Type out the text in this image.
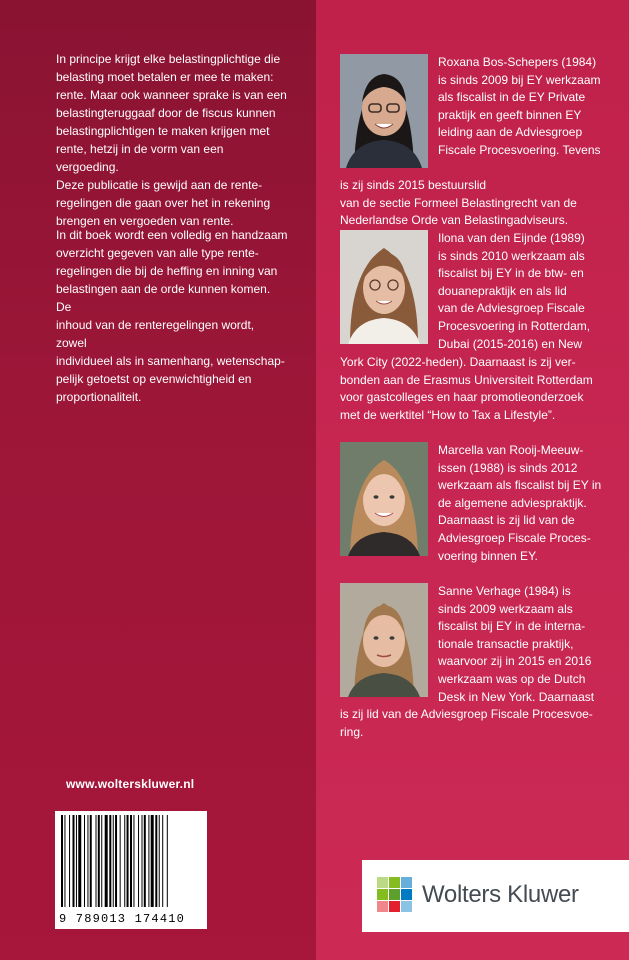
In principe krijgt elke belastingplichtige die
belasting moet betalen er mee te maken:
rente. Maar ook wanneer sprake is van een
belastingteruggaaf door de fiscus kunnen
belastingplichtigen te maken krijgen met
rente, hetzij in de vorm van een vergoeding.
Deze publicatie is gewijd aan de rente-
regelingen die gaan over het in rekening
brengen en vergoeden van rente.

In dit boek wordt een volledig en handzaam
overzicht gegeven van alle type rente-
regelingen die bij de heffing en inning van
belastingen aan de orde kunnen komen. De
inhoud van de renteregelingen wordt, zowel
individueel als in samenhang, wetenschap-
pelijk getoetst op evenwichtigheid en
proportionaliteit.

Roxana Bos-Schepers (1984)
is sinds 2009 bij EY werkzaam
als fiscalist in de EY Private
praktijk en geeft binnen EY
leiding aan de Adviesgroep
Fiscale Procesvoering. Tevens

is zij sinds 2015 bestuurslid
van de sectie Formeel Belastingrecht van de
Nederlandse Orde van Belastingadviseurs.

Ilona van den Eijnde (1989)
is sinds 2010 werkzaam als
fiscalist bij EY in de btw- en
douanepraktijk en als lid
van de Adviesgroep Fiscale
Procesvoering in Rotterdam,
Dubai (2015-2016) en New

York City (2022-heden). Daarnaast is zij ver-
bonden aan de Erasmus Universiteit Rotterdam
voor gastcolleges en haar promotieonderzoek
met de werktitel “How to Tax a Lifestyle”.

Marcella van Rooij-Meeuw-
issen (1988) is sinds 2012
werkzaam als fiscalist bij EY in
de algemene adviespraktijk.
Daarnaast is zij lid van de
Adviesgroep Fiscale Proces-
voering binnen EY.

Sanne Verhage (1984) is
sinds 2009 werkzaam als
fiscalist bij EY in de interna-
tionale transactie praktijk,
waarvoor zij in 2015 en 2016
werkzaam was op de Dutch
Desk in New York. Daarnaast

is zij lid van de Adviesgroep Fiscale Procesvoe-
ring.

www.wolterskluwer.nl
9 789013 174410
Wolters Kluwer
